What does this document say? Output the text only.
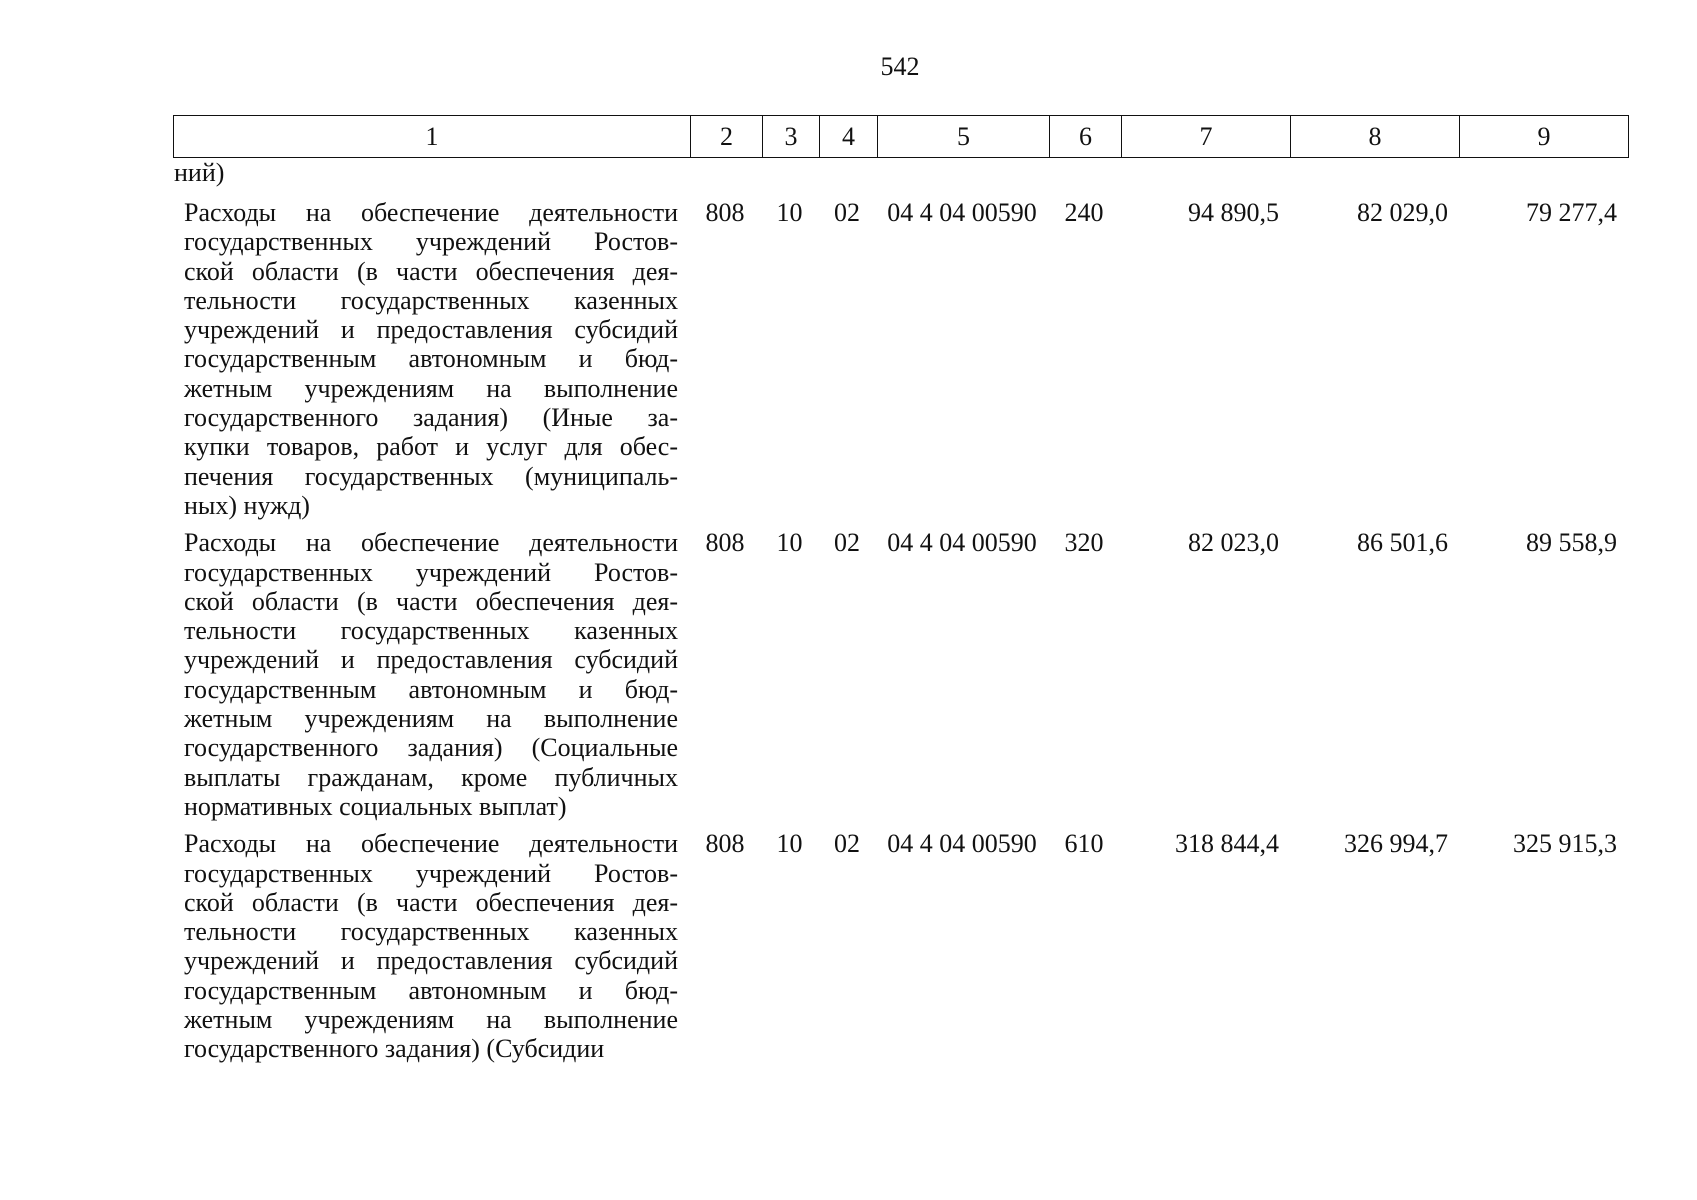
542
1	2	3	4	5	6	7	8	9
ний)
Расходы на обеспечение деятельности
государственных учреждений Ростов-
ской области (в части обеспечения дея-
тельности государственных казенных
учреждений и предоставления субсидий
государственным автономным и бюд-
жетным учреждениям на выполнение
государственного задания) (Иные за-
купки товаров, работ и услуг для обес-
печения государственных (муниципаль-
ных) нужд)
808	10	02	04 4 04 00590	240	94 890,5	82 029,0	79 277,4
Расходы на обеспечение деятельности
государственных учреждений Ростов-
ской области (в части обеспечения дея-
тельности государственных казенных
учреждений и предоставления субсидий
государственным автономным и бюд-
жетным учреждениям на выполнение
государственного задания) (Социальные
выплаты гражданам, кроме публичных
нормативных социальных выплат)
808	10	02	04 4 04 00590	320	82 023,0	86 501,6	89 558,9
Расходы на обеспечение деятельности
государственных учреждений Ростов-
ской области (в части обеспечения дея-
тельности государственных казенных
учреждений и предоставления субсидий
государственным автономным и бюд-
жетным учреждениям на выполнение
государственного задания) (Субсидии
808	10	02	04 4 04 00590	610	318 844,4	326 994,7	325 915,3
